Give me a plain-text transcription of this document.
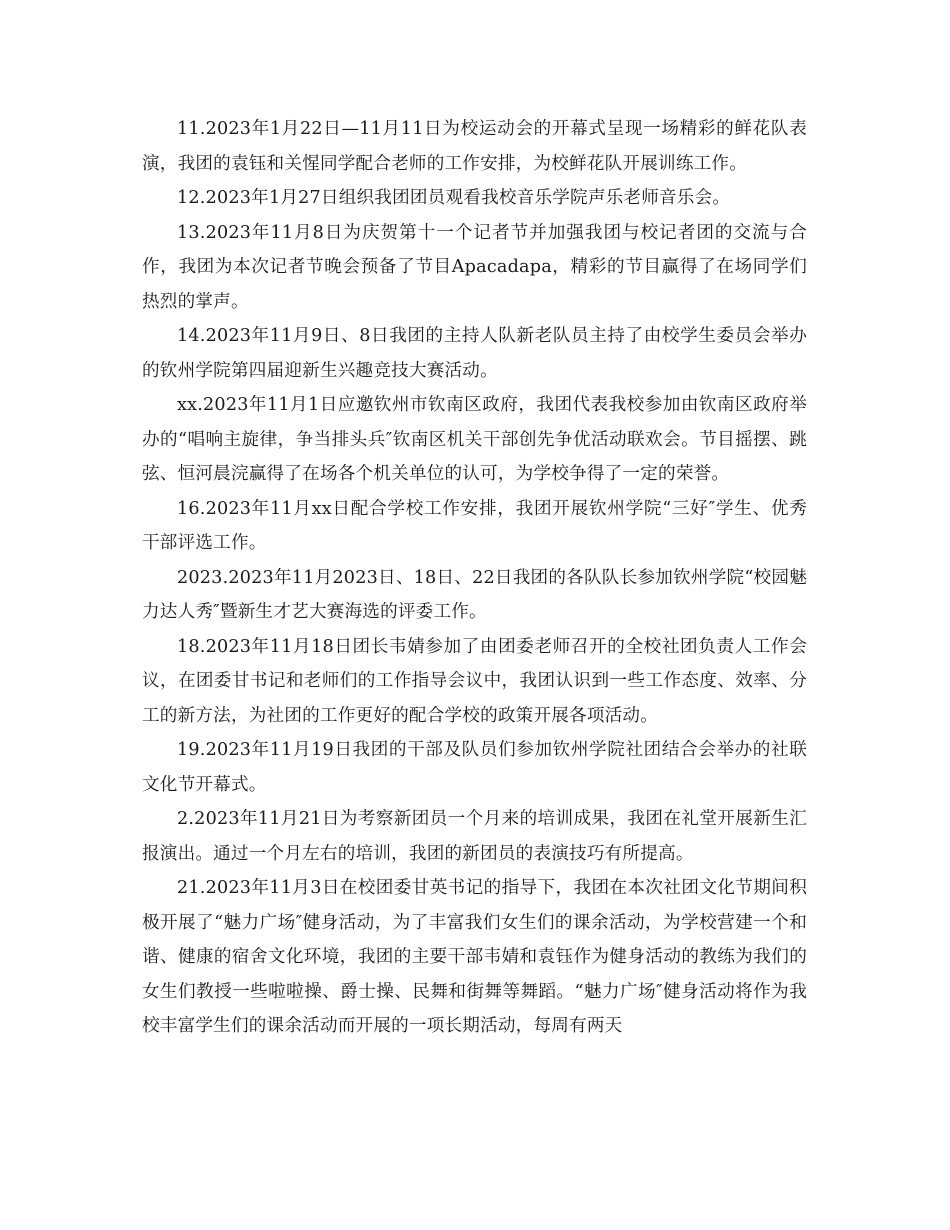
11.2023年1月22日—11月11日为校运动会的开幕式呈现一场精彩的鲜花队表演，我团的袁钰和关惺同学配合老师的工作安排，为校鲜花队开展训练工作。

12.2023年1月27日组织我团团员观看我校音乐学院声乐老师音乐会。

13.2023年11月8日为庆贺第十一个记者节并加强我团与校记者团的交流与合作，我团为本次记者节晚会预备了节目Apacadapa，精彩的节目赢得了在场同学们热烈的掌声。

14.2023年11月9日、8日我团的主持人队新老队员主持了由校学生委员会举办的钦州学院第四届迎新生兴趣竞技大赛活动。

xx.2023年11月1日应邀钦州市钦南区政府，我团代表我校参加由钦南区政府举办的“唱响主旋律，争当排头兵″钦南区机关干部创先争优活动联欢会。节目摇摆、跳弦、恒河晨浣赢得了在场各个机关单位的认可，为学校争得了一定的荣誉。

16.2023年11月xx日配合学校工作安排，我团开展钦州学院“三好″学生、优秀干部评选工作。

2023.2023年11月2023日、18日、22日我团的各队队长参加钦州学院“校园魅力达人秀″暨新生才艺大赛海选的评委工作。

18.2023年11月18日团长韦婧参加了由团委老师召开的全校社团负责人工作会议，在团委甘书记和老师们的工作指导会议中，我团认识到一些工作态度、效率、分工的新方法，为社团的工作更好的配合学校的政策开展各项活动。

19.2023年11月19日我团的干部及队员们参加钦州学院社团结合会举办的社联文化节开幕式。

2.2023年11月21日为考察新团员一个月来的培训成果，我团在礼堂开展新生汇报演出。通过一个月左右的培训，我团的新团员的表演技巧有所提高。

21.2023年11月3日在校团委甘英书记的指导下，我团在本次社团文化节期间积极开展了“魅力广场″健身活动，为了丰富我们女生们的课余活动，为学校营建一个和谐、健康的宿舍文化环境，我团的主要干部韦婧和袁钰作为健身活动的教练为我们的女生们教授一些啦啦操、爵士操、民舞和街舞等舞蹈。“魅力广场″健身活动将作为我校丰富学生们的课余活动而开展的一项长期活动，每周有两天
